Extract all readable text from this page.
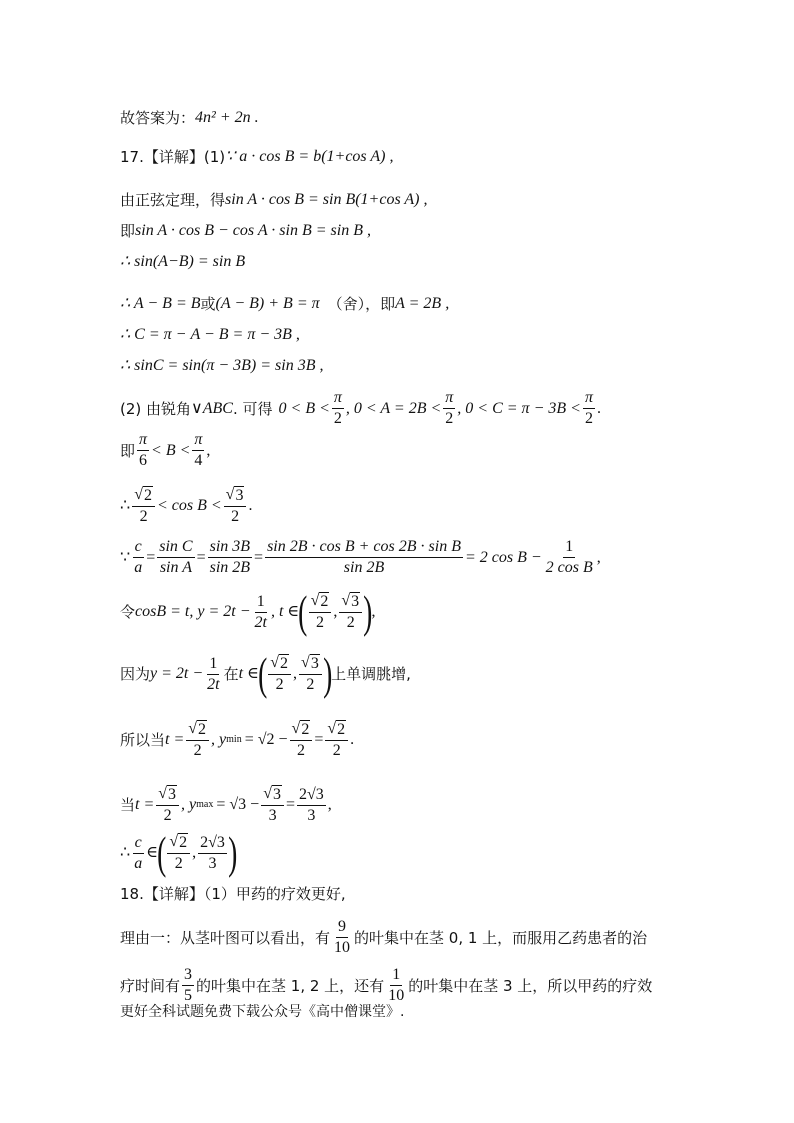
故答案为： 4n² + 2n .
17.【详解】(1) ∵ a · cos B = b(1+cos A) ,
由正弦定理，得 sin A · cos B = sin B(1+cos A) ,
即 sin A · cos B − cos A · sin B = sin B ,
∴ sin(A−B) = sin B
∴ A − B = B 或 (A − B) + B = π （舍），即 A = 2B ,
∴ C = π − A − B = π − 3B ,
∴ sinC = sin(π − 3B) = sin 3B ,
(2) 由锐角 ∨ABC . 可得 $0 < B < \frac{\pi}{2}$ , $0 < A = 2B < \frac{\pi}{2}$ , $0 < C = \pi - 3B < \frac{\pi}{2}$ .
即 $\frac{\pi}{6} < B < \frac{\pi}{4}$ ,
∴ $\frac{√ 2}{2} < \cos B < \frac{√ 3}{2}$ .
∵ $\frac{c}{a} = \frac{\text{sin C}}{\text{sin A}} = \frac{\sin 3B}{\sin 2B} = \frac{\text{sin 2B · cos B + cos 2B · sin B}}{\sin 2B} = 2$ $\cos B - \frac{1}{\text{2 cos B}}$ ,
令 cosB = t, $y = 2t - \frac{1}{2t}$ , t ∈ ( $\frac{√ 2}{2}$ , $\frac{√ 3}{2}$ ) ,
因为 $y = 2t - \frac{1}{2t}$ 在 t ∈ ( $\frac{√ 2}{2}$ , $\frac{√ 3}{2}$ ) 上单调朓增,
所以当 $t = \frac{√ 2}{2}$ , y $\min = √2 - \frac{√ 2}{2} = \frac{√ 2}{2}$ .
当 $t = \frac{√ 3}{2}$ , y $\max = √3 - \frac{√ 3}{3} = \frac{2√3}{3}$ ,
∴ $\frac{c}{a}$ ∈ ( $\frac{√ 2}{2}$ , $\frac{2√3}{3}$ )
18.【详解】（1）甲药的疗效更好,
理由一：从茎叶图可以看出，有 $\frac{9}{10}$ 的叶集中在茎 0, 1 上，而服用乙药患者的治
疗时间有 $\frac{3}{5}$ 的叶集中在茎 1, 2 上，还有 $\frac{1}{10}$ 的叶集中在茎 3 上，所以甲药的疗效
更好全科试题免费下载公众号《高中僧课堂》.
